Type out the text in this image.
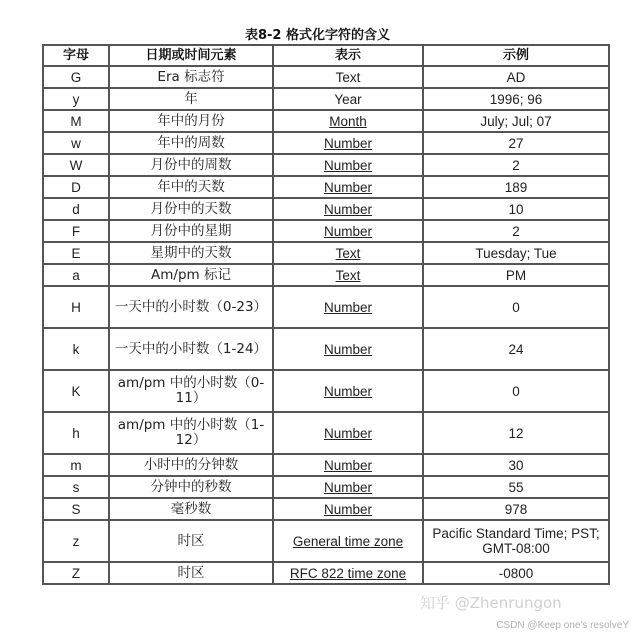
表8-2 格式化字符的含义
字母	日期或时间元素	表示	示例
G	Era 标志符	Text	AD
y	年	Year	1996; 96
M	年中的月份	Month	July; Jul; 07
w	年中的周数	Number	27
W	月份中的周数	Number	2
D	年中的天数	Number	189
d	月份中的天数	Number	10
F	月份中的星期	Number	2
E	星期中的天数	Text	Tuesday; Tue
a	Am/pm 标记	Text	PM
H	一天中的小时数（0-23）	Number	0
k	一天中的小时数（1-24）	Number	24
K	am/pm 中的小时数（0-11）	Number	0
h	am/pm 中的小时数（1-12）	Number	12
m	小时中的分钟数	Number	30
s	分钟中的秒数	Number	55
S	毫秒数	Number	978
z	时区	General time zone	Pacific Standard Time; PST; GMT-08:00
Z	时区	RFC 822 time zone	-0800
知乎 @Zhenrungon
CSDN @Keep one's resolveY
